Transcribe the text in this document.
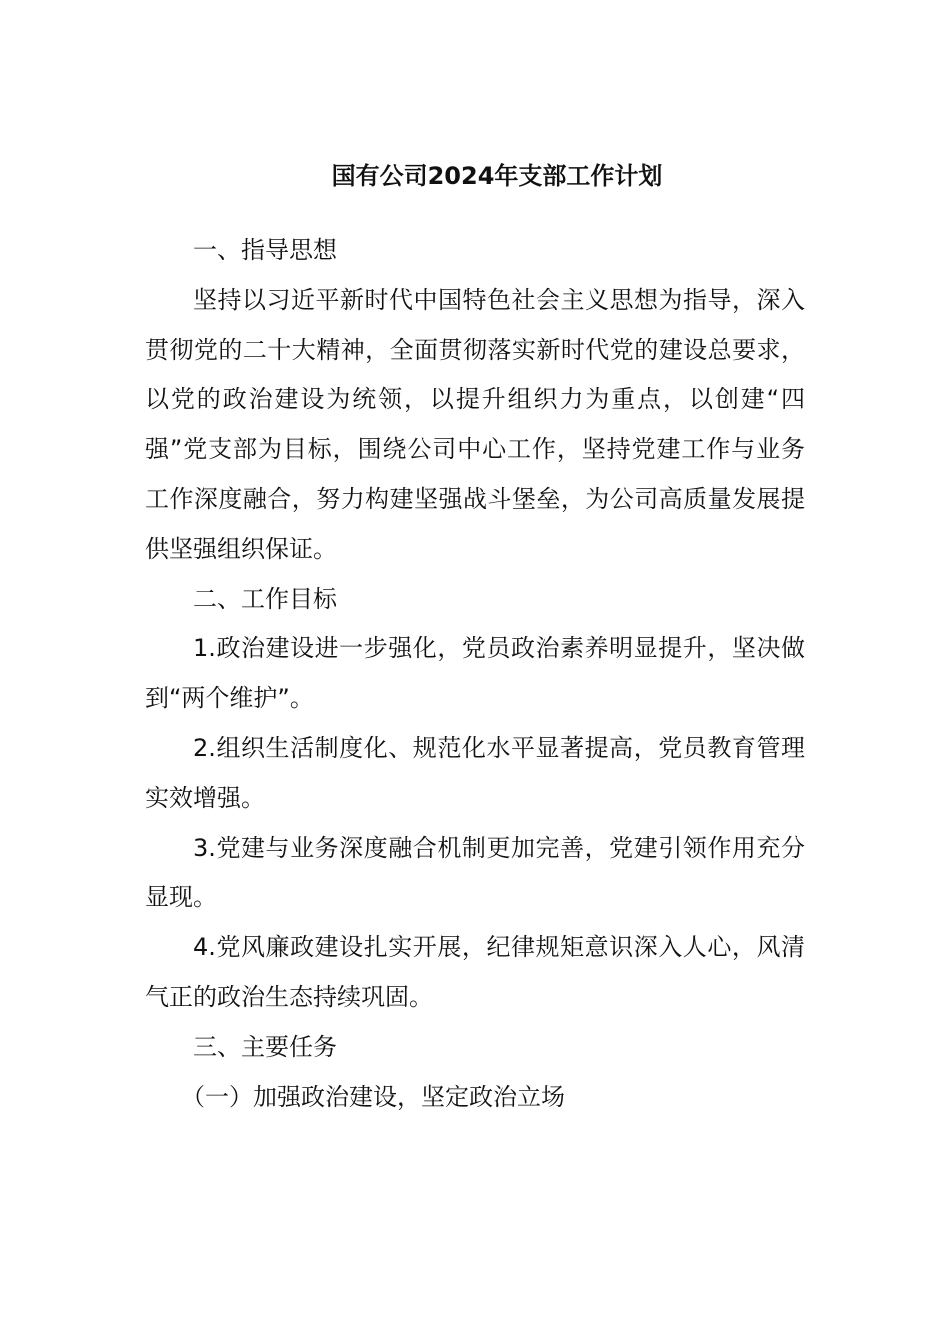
国有公司2024年支部工作计划

一、指导思想

坚持以习近平新时代中国特色社会主义思想为指导，深入贯彻党的二十大精神，全面贯彻落实新时代党的建设总要求，以党的政治建设为统领，以提升组织力为重点，以创建“四强”党支部为目标，围绕公司中心工作，坚持党建工作与业务工作深度融合，努力构建坚强战斗堡垒，为公司高质量发展提供坚强组织保证。

二、工作目标

1.政治建设进一步强化，党员政治素养明显提升，坚决做到“两个维护”。

2.组织生活制度化、规范化水平显著提高，党员教育管理实效增强。

3.党建与业务深度融合机制更加完善，党建引领作用充分显现。

4.党风廉政建设扎实开展，纪律规矩意识深入人心，风清气正的政治生态持续巩固。

三、主要任务

（一）加强政治建设，坚定政治立场
